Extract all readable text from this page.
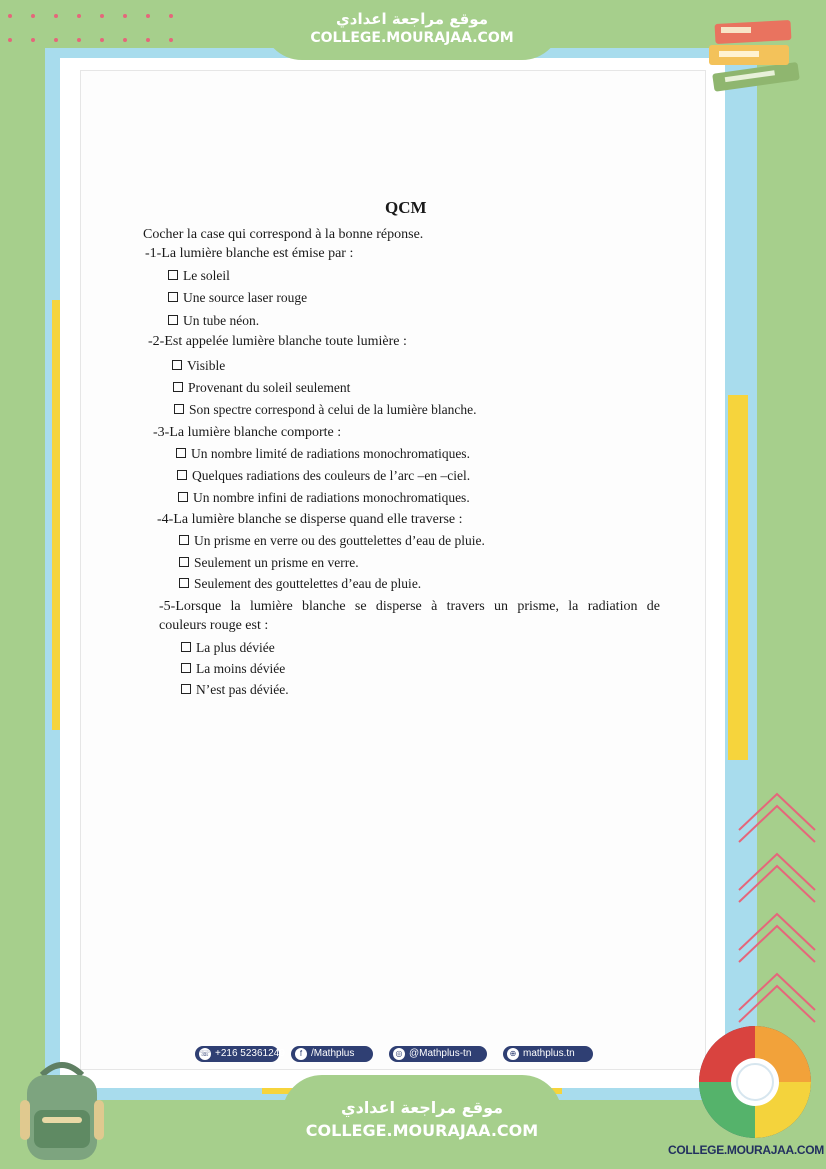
موقع مراجعة اعدادي
COLLEGE.MOURAJAA.COM
QCM
Cocher la case qui correspond à la bonne réponse.
-1-La lumière blanche est émise par :
Le soleil
Une source laser rouge
Un tube néon.
-2-Est appelée lumière blanche toute lumière :
Visible
Provenant du soleil seulement
Son spectre correspond à celui de la lumière blanche.
-3-La lumière blanche comporte :
Un nombre limité de radiations monochromatiques.
Quelques radiations des couleurs de l’arc –en –ciel.
Un nombre infini de radiations monochromatiques.
-4-La lumière blanche se disperse quand elle traverse :
Un prisme en verre ou des gouttelettes d’eau de pluie.
Seulement un prisme en verre.
Seulement des gouttelettes d’eau de pluie.
-5-Lorsque la lumière blanche se disperse à travers un prisme, la radiation de
couleurs rouge est :
La plus déviée
La moins déviée
N’est pas déviée.
☏ +216 52361249	f /Mathplus	◎ @Mathplus-tn	⊕ mathplus.tn
موقع مراجعة اعدادي
COLLEGE.MOURAJAA.COM
COLLEGE.MOURAJAA.COM
